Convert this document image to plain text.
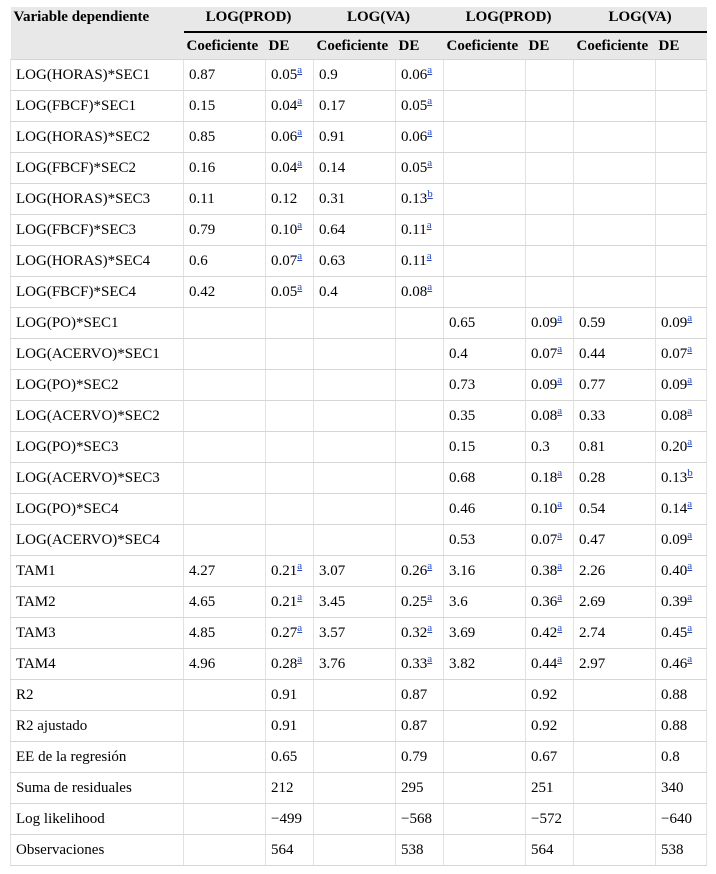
Variable dependiente	LOG(PROD)		LOG(VA)		LOG(PROD)		LOG(VA)	
	Coeficiente	DE	Coeficiente	DE	Coeficiente	DE	Coeficiente	DE
LOG(HORAS)*SEC1	0.87	0.05$^a$	0.9	0.06$^a$				
LOG(FBCF)*SEC1	0.15	0.04$^a$	0.17	0.05$^a$				
LOG(HORAS)*SEC2	0.85	0.06$^a$	0.91	0.06$^a$				
LOG(FBCF)*SEC2	0.16	0.04$^a$	0.14	0.05$^a$				
LOG(HORAS)*SEC3	0.11	0.12	0.31	0.13$^b$				
LOG(FBCF)*SEC3	0.79	0.10$^a$	0.64	0.11$^a$				
LOG(HORAS)*SEC4	0.6	0.07$^a$	0.63	0.11$^a$				
LOG(FBCF)*SEC4	0.42	0.05$^a$	0.4	0.08$^a$				
LOG(PO)*SEC1					0.65	0.09$^a$	0.59	0.09$^a$
LOG(ACERVO)*SEC1					0.4	0.07$^a$	0.44	0.07$^a$
LOG(PO)*SEC2					0.73	0.09$^a$	0.77	0.09$^a$
LOG(ACERVO)*SEC2					0.35	0.08$^a$	0.33	0.08$^a$
LOG(PO)*SEC3					0.15	0.3	0.81	0.20$^a$
LOG(ACERVO)*SEC3					0.68	0.18$^a$	0.28	0.13$^b$
LOG(PO)*SEC4					0.46	0.10$^a$	0.54	0.14$^a$
LOG(ACERVO)*SEC4					0.53	0.07$^a$	0.47	0.09$^a$
TAM1	4.27	0.21$^a$	3.07	0.26$^a$	3.16	0.38$^a$	2.26	0.40$^a$
TAM2	4.65	0.21$^a$	3.45	0.25$^a$	3.6	0.36$^a$	2.69	0.39$^a$
TAM3	4.85	0.27$^a$	3.57	0.32$^a$	3.69	0.42$^a$	2.74	0.45$^a$
TAM4	4.96	0.28$^a$	3.76	0.33$^a$	3.82	0.44$^a$	2.97	0.46$^a$
R2		0.91		0.87		0.92		0.88
R2 ajustado		0.91		0.87		0.92		0.88
EE de la regresión		0.65		0.79		0.67		0.8
Suma de residuales		212		295		251		340
Log likelihood		−499		−568		−572		−640
Observaciones		564		538		564		538
